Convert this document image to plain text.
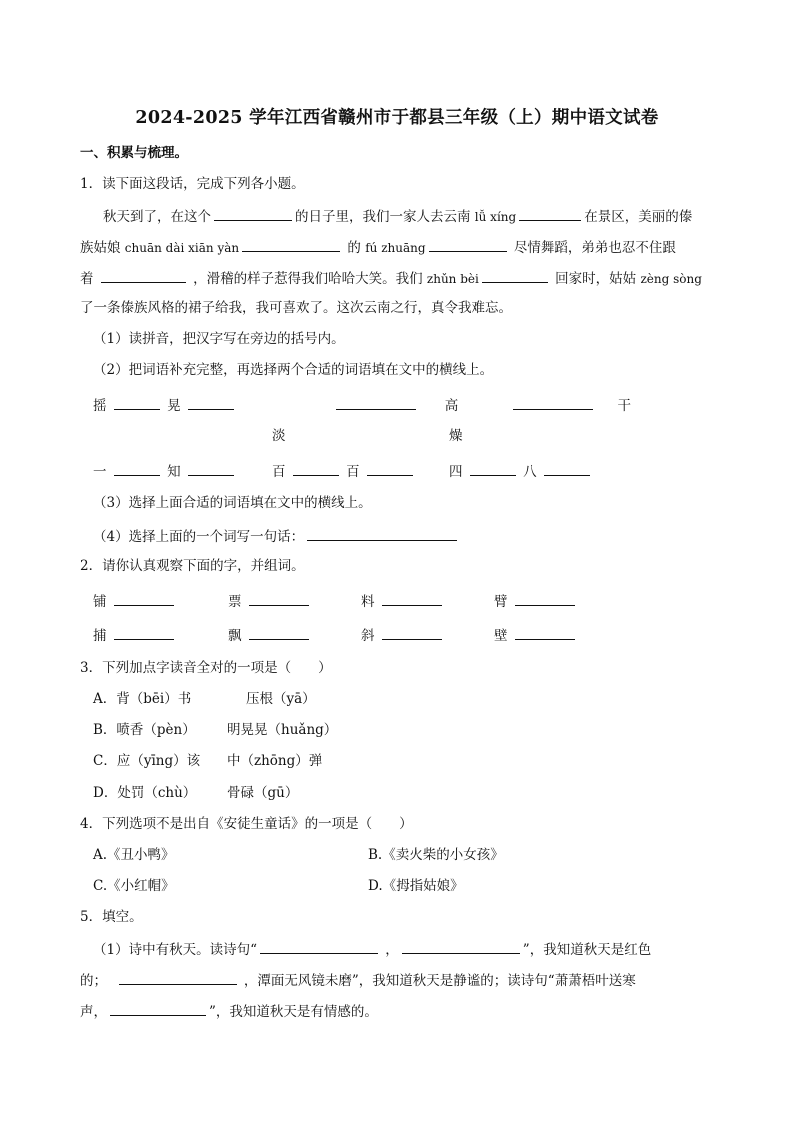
2024-2025 学年江西省赣州市于都县三年级（上）期中语文试卷
一、积累与梳理。
1．读下面这段话，完成下列各小题。
秋天到了，在这个	的日子里，我们一家人去云南 lǚ xíng	在景区，美丽的傣
族姑娘 chuān dài xiān yàn	的 fú zhuāng	尽情舞蹈，弟弟也忍不住跟
着	，滑稽的样子惹得我们哈哈大笑。我们 zhǔn bèi	回家时，姑姑 zèng sòng
了一条傣族风格的裙子给我，我可喜欢了。这次云南之行，真令我难忘。
（1）读拼音，把汉字写在旁边的括号内。
（2）把词语补充完整，再选择两个合适的词语填在文中的横线上。
摇	晃	高	干
淡	燥
一	知	百	百	四	八
（3）选择上面合适的词语填在文中的横线上。
（4）选择上面的一个词写一句话：
2．请你认真观察下面的字，并组词。
铺	票	料	臂
捕	飘	斜	壁
3．下列加点字读音全对的一项是（　　）
A．背（bēi）书	压根（yā）
B．喷香（pèn） 明晃晃（huǎng）
C．应（yīng）该 中（zhōng）弹
D．处罚（chù） 骨碌（gū）
4．下列选项不是出自《安徒生童话》的一项是（　　）
A.《丑小鸭》	B.《卖火柴的小女孩》
C.《小红帽》	D.《拇指姑娘》
5．填空。
（1）诗中有秋天。读诗句“	，	”，我知道秋天是红色
的；	，潭面无风镜未磨”，我知道秋天是静谧的；读诗句“萧萧梧叶送寒
声，	”，我知道秋天是有情感的。
